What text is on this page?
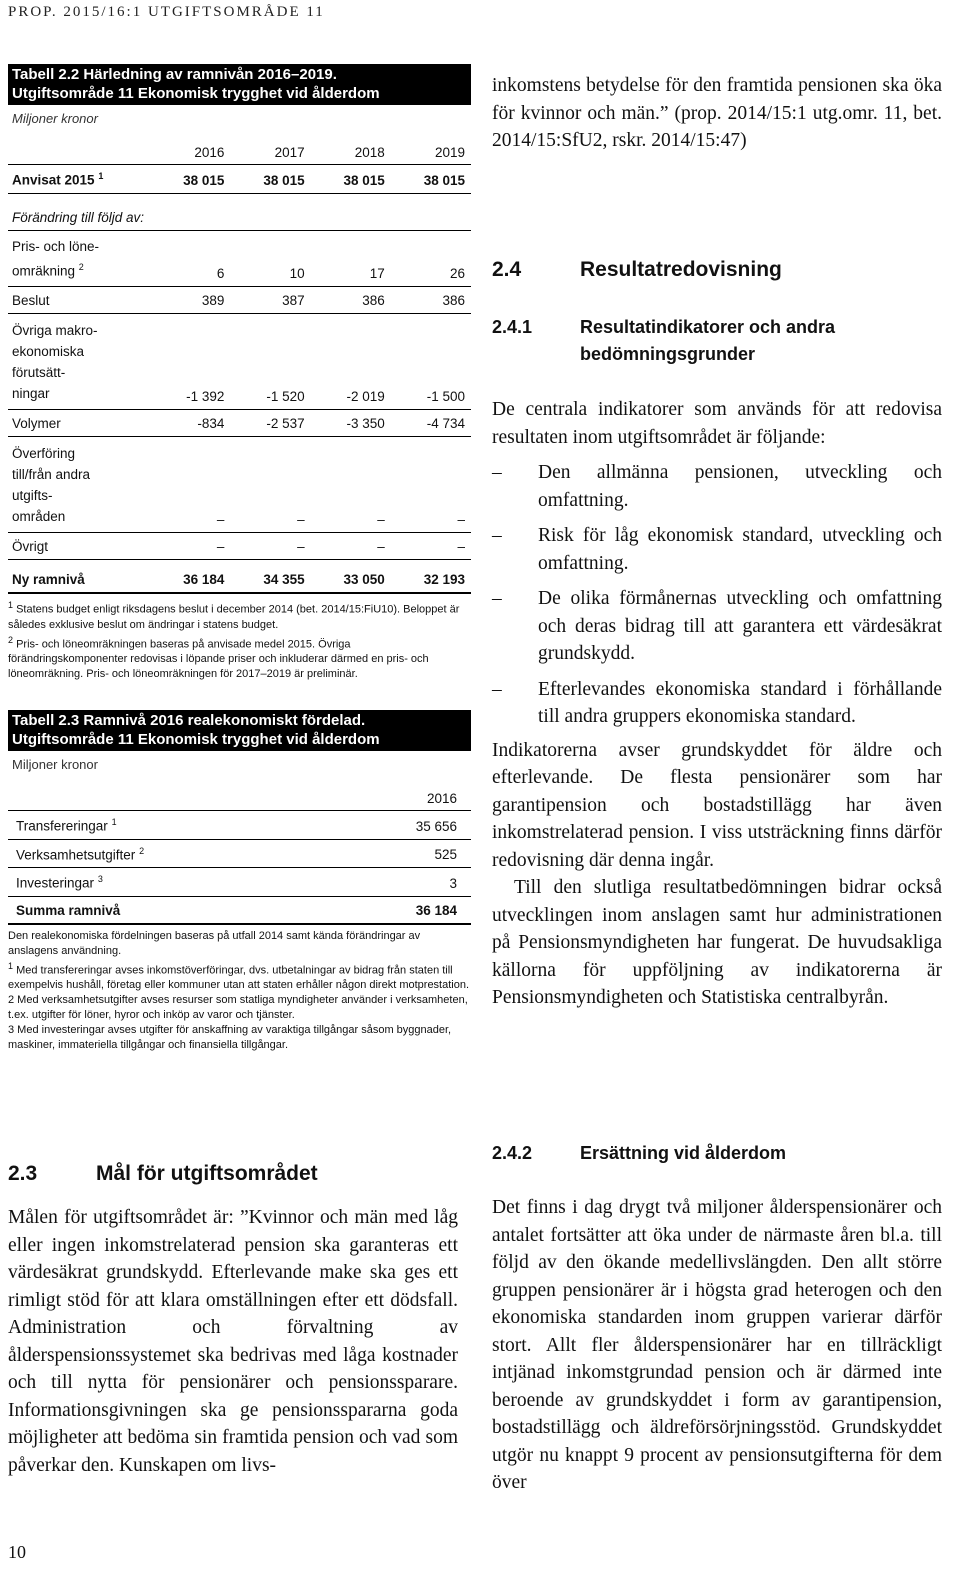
PROP. 2015/16:1 UTGIFTSOMRÅDE 11
Tabell 2.2 Härledning av ramnivån 2016–2019.
Utgiftsområde 11 Ekonomisk trygghet vid ålderdom
Miljoner kronor
	2016	2017	2018	2019
Anvisat 2015 $^1$	38 015	38 015	38 015	38 015
Förändring till följd av:				
Pris- och löne-
omräkning $^2$	6	10	17	26
Beslut	389	387	386	386
Övriga makro-
ekonomiska
förutsätt-
ningar	-1 392	-1 520	-2 019	-1 500
Volymer	-834	-2 537	-3 350	-4 734
Överföring
till/från andra
utgifts-
områden	–	–	–	–
Övrigt	–	–	–	–
Ny ramnivå	36 184	34 355	33 050	32 193
$^1$ Statens budget enligt riksdagens beslut i december 2014 (bet. 2014/15:FiU10). Beloppet är således exklusive beslut om ändringar i statens budget.
$^2$ Pris- och löneomräkningen baseras på anvisade medel 2015. Övriga förändringskomponenter redovisas i löpande priser och inkluderar därmed en pris- och löneomräkning. Pris- och löneomräkningen för 2017–2019 är preliminär.
Tabell 2.3 Ramnivå 2016 realekonomiskt fördelad.
Utgiftsområde 11 Ekonomisk trygghet vid ålderdom
Miljoner kronor
	2016
Transfereringar $^1$	35 656
Verksamhetsutgifter $^2$	525
Investeringar $^3$	3
Summa ramnivå	36 184
Den realekonomiska fördelningen baseras på utfall 2014 samt kända förändringar av anslagens användning.
$^1$ Med transfereringar avses inkomstöverföringar, dvs. utbetalningar av bidrag från staten till exempelvis hushåll, företag eller kommuner utan att staten erhåller någon direkt motprestation.
2 Med verksamhetsutgifter avses resurser som statliga myndigheter använder i verksamheten, t.ex. utgifter för löner, hyror och inköp av varor och tjänster.
3 Med investeringar avses utgifter för anskaffning av varaktiga tillgångar såsom byggnader, maskiner, immateriella tillgångar och finansiella tillgångar.
2.3	Mål för utgiftsområdet
Målen för utgiftsområdet är: ”Kvinnor och män med låg eller ingen inkomstrelaterad pension ska garanteras ett värdesäkrat grundskydd. Efterlevande make ska ges ett rimligt stöd för att klara omställningen efter ett dödsfall. Administration och förvaltning av ålderspensionssystemet ska bedrivas med låga kostnader och till nytta för pensionärer och pensionssparare. Informationsgivningen ska ge pensionsspararna goda möjligheter att bedöma sin framtida pension och vad som påverkar den. Kunskapen om livs-
inkomstens betydelse för den framtida pensionen ska öka för kvinnor och män.” (prop. 2014/15:1 utg.omr. 11, bet. 2014/15:SfU2, rskr. 2014/15:47)
2.4	Resultatredovisning
2.4.1	Resultatindikatorer och andra bedömningsgrunder
De centrala indikatorer som används för att redovisa resultaten inom utgiftsområdet är följande:
– Den allmänna pensionen, utveckling och omfattning.
– Risk för låg ekonomisk standard, utveckling och omfattning.
– De olika förmånernas utveckling och omfattning och deras bidrag till att garantera ett värdesäkrat grundskydd.
– Efterlevandes ekonomiska standard i förhållande till andra gruppers ekonomiska standard.
Indikatorerna avser grundskyddet för äldre och efterlevande. De flesta pensionärer som har garantipension och bostadstillägg har även inkomstrelaterad pension. I viss utsträckning finns därför redovisning där denna ingår.
Till den slutliga resultatbedömningen bidrar också utvecklingen inom anslagen samt hur administrationen på Pensionsmyndigheten har fungerat. De huvudsakliga källorna för uppföljning av indikatorerna är Pensionsmyndigheten och Statistiska centralbyrån.
2.4.2	Ersättning vid ålderdom
Det finns i dag drygt två miljoner ålderspensionärer och antalet fortsätter att öka under de närmaste åren bl.a. till följd av den ökande medellivslängden. Den allt större gruppen pensionärer är i högsta grad heterogen och den ekonomiska standarden inom gruppen varierar därför stort. Allt fler ålderspensionärer har en tillräckligt intjänad inkomstgrundad pension och är därmed inte beroende av grundskyddet i form av garantipension, bostadstillägg och äldreförsörjningsstöd. Grundskyddet utgör nu knappt 9 procent av pensionsutgifterna för dem över
10
